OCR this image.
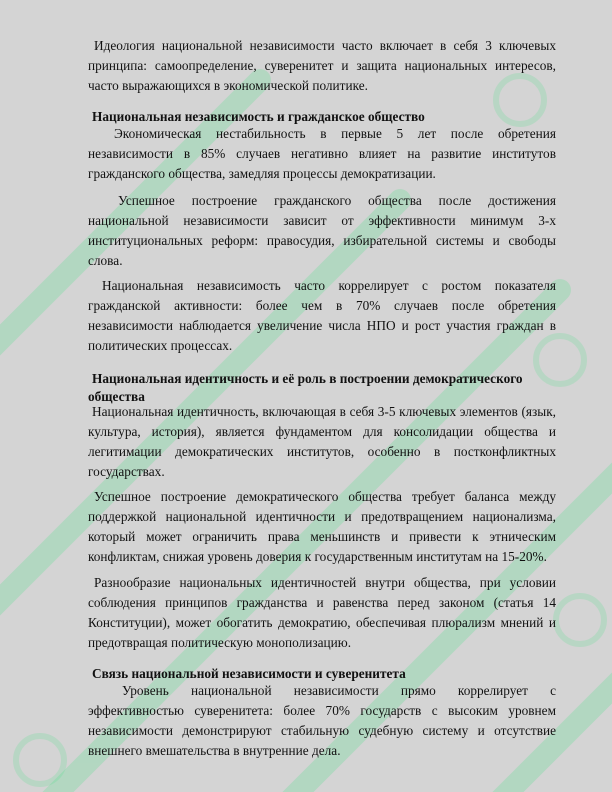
Идеология национальной независимости часто включает в себя 3 ключевых принципа: самоопределение, суверенитет и защита национальных интересов, часто выражающихся в экономической политике.

Национальная независимость и гражданское общество

Экономическая нестабильность в первые 5 лет после обретения независимости в 85% случаев негативно влияет на развитие институтов гражданского общества, замедляя процессы демократизации.

Успешное построение гражданского общества после достижения национальной независимости зависит от эффективности минимум 3-х институциональных реформ: правосудия, избирательной системы и свободы слова.

Национальная независимость часто коррелирует с ростом показателя гражданской активности: более чем в 70% случаев после обретения независимости наблюдается увеличение числа НПО и рост участия граждан в политических процессах.

Национальная идентичность и её роль в построении демократического общества

Национальная идентичность, включающая в себя 3-5 ключевых элементов (язык, культура, история), является фундаментом для консолидации общества и легитимации демократических институтов, особенно в постконфликтных государствах.

Успешное построение демократического общества требует баланса между поддержкой национальной идентичности и предотвращением национализма, который может ограничить права меньшинств и привести к этническим конфликтам, снижая уровень доверия к государственным институтам на 15-20%.

Разнообразие национальных идентичностей внутри общества, при условии соблюдения принципов гражданства и равенства перед законом (статья 14 Конституции), может обогатить демократию, обеспечивая плюрализм мнений и предотвращая политическую монополизацию.

Связь национальной независимости и суверенитета

Уровень национальной независимости прямо коррелирует с эффективностью суверенитета: более 70% государств с высоким уровнем независимости демонстрируют стабильную судебную систему и отсутствие внешнего вмешательства в внутренние дела.
